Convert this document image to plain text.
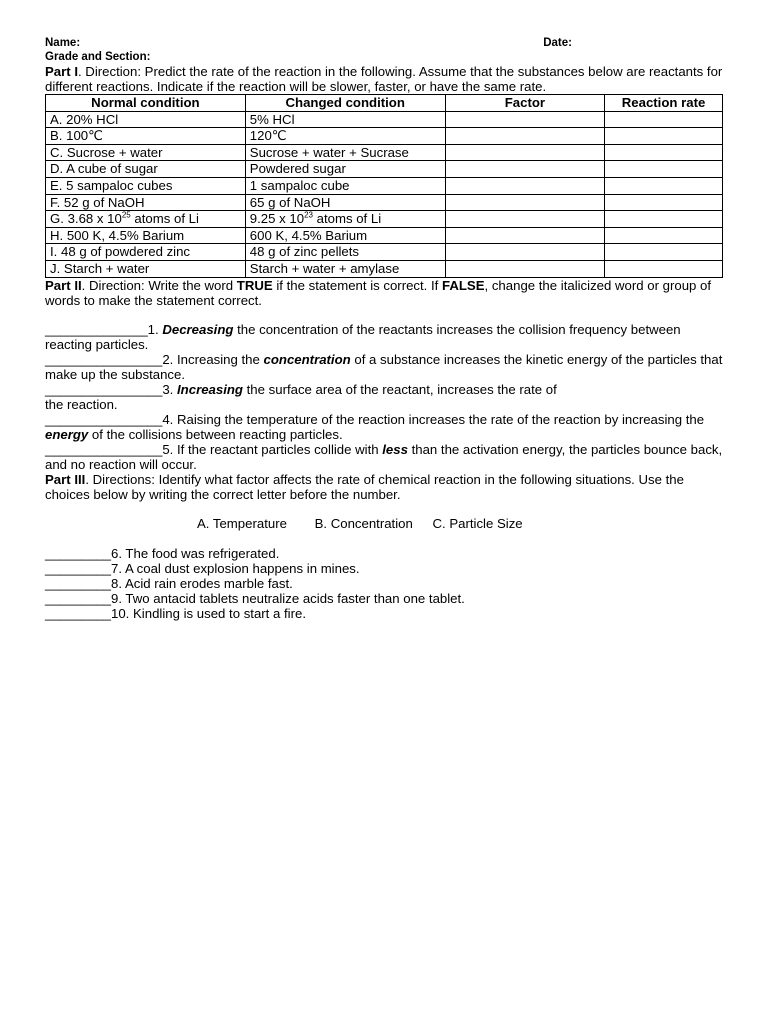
Name:	Date:
Grade and Section:

Part I. Direction: Predict the rate of the reaction in the following. Assume that the substances below are reactants for different reactions. Indicate if the reaction will be slower, faster, or have the same rate.

Normal condition	Changed condition	Factor	Reaction rate
A. 20% HCl	5% HCl		
B. 100℃	120℃		
C. Sucrose + water	Sucrose + water + Sucrase		
D. A cube of sugar	Powdered sugar		
E. 5 sampaloc cubes	1 sampaloc cube		
F. 52 g of NaOH	65 g of NaOH		
G. 3.68 x $10^{25}$ atoms of Li	9.25 x $10^{23}$ atoms of Li		
H. 500 K, 4.5% Barium	600 K, 4.5% Barium		
I. 48 g of powdered zinc	48 g of zinc pellets		
J. Starch + water	Starch + water + amylase		

Part II. Direction: Write the word TRUE if the statement is correct. If FALSE, change the italicized word or group of words to make the statement correct.

______________1. Decreasing the concentration of the reactants increases the collision frequency between reacting particles.

________________2. Increasing the concentration of a substance increases the kinetic energy of the particles that make up the substance.

________________3. Increasing the surface area of the reactant, increases the rate of
the reaction.

________________4. Raising the temperature of the reaction increases the rate of the reaction by increasing the energy of the collisions between reacting particles.

________________5. If the reactant particles collide with less than the activation energy, the particles bounce back, and no reaction will occur.

Part III. Directions: Identify what factor affects the rate of chemical reaction in the following situations. Use the choices below by writing the correct letter before the number.

A. Temperature B. Concentration C. Particle Size

_________6. The food was refrigerated.

_________7. A coal dust explosion happens in mines.

_________8. Acid rain erodes marble fast.

_________9. Two antacid tablets neutralize acids faster than one tablet.

_________10. Kindling is used to start a fire.
